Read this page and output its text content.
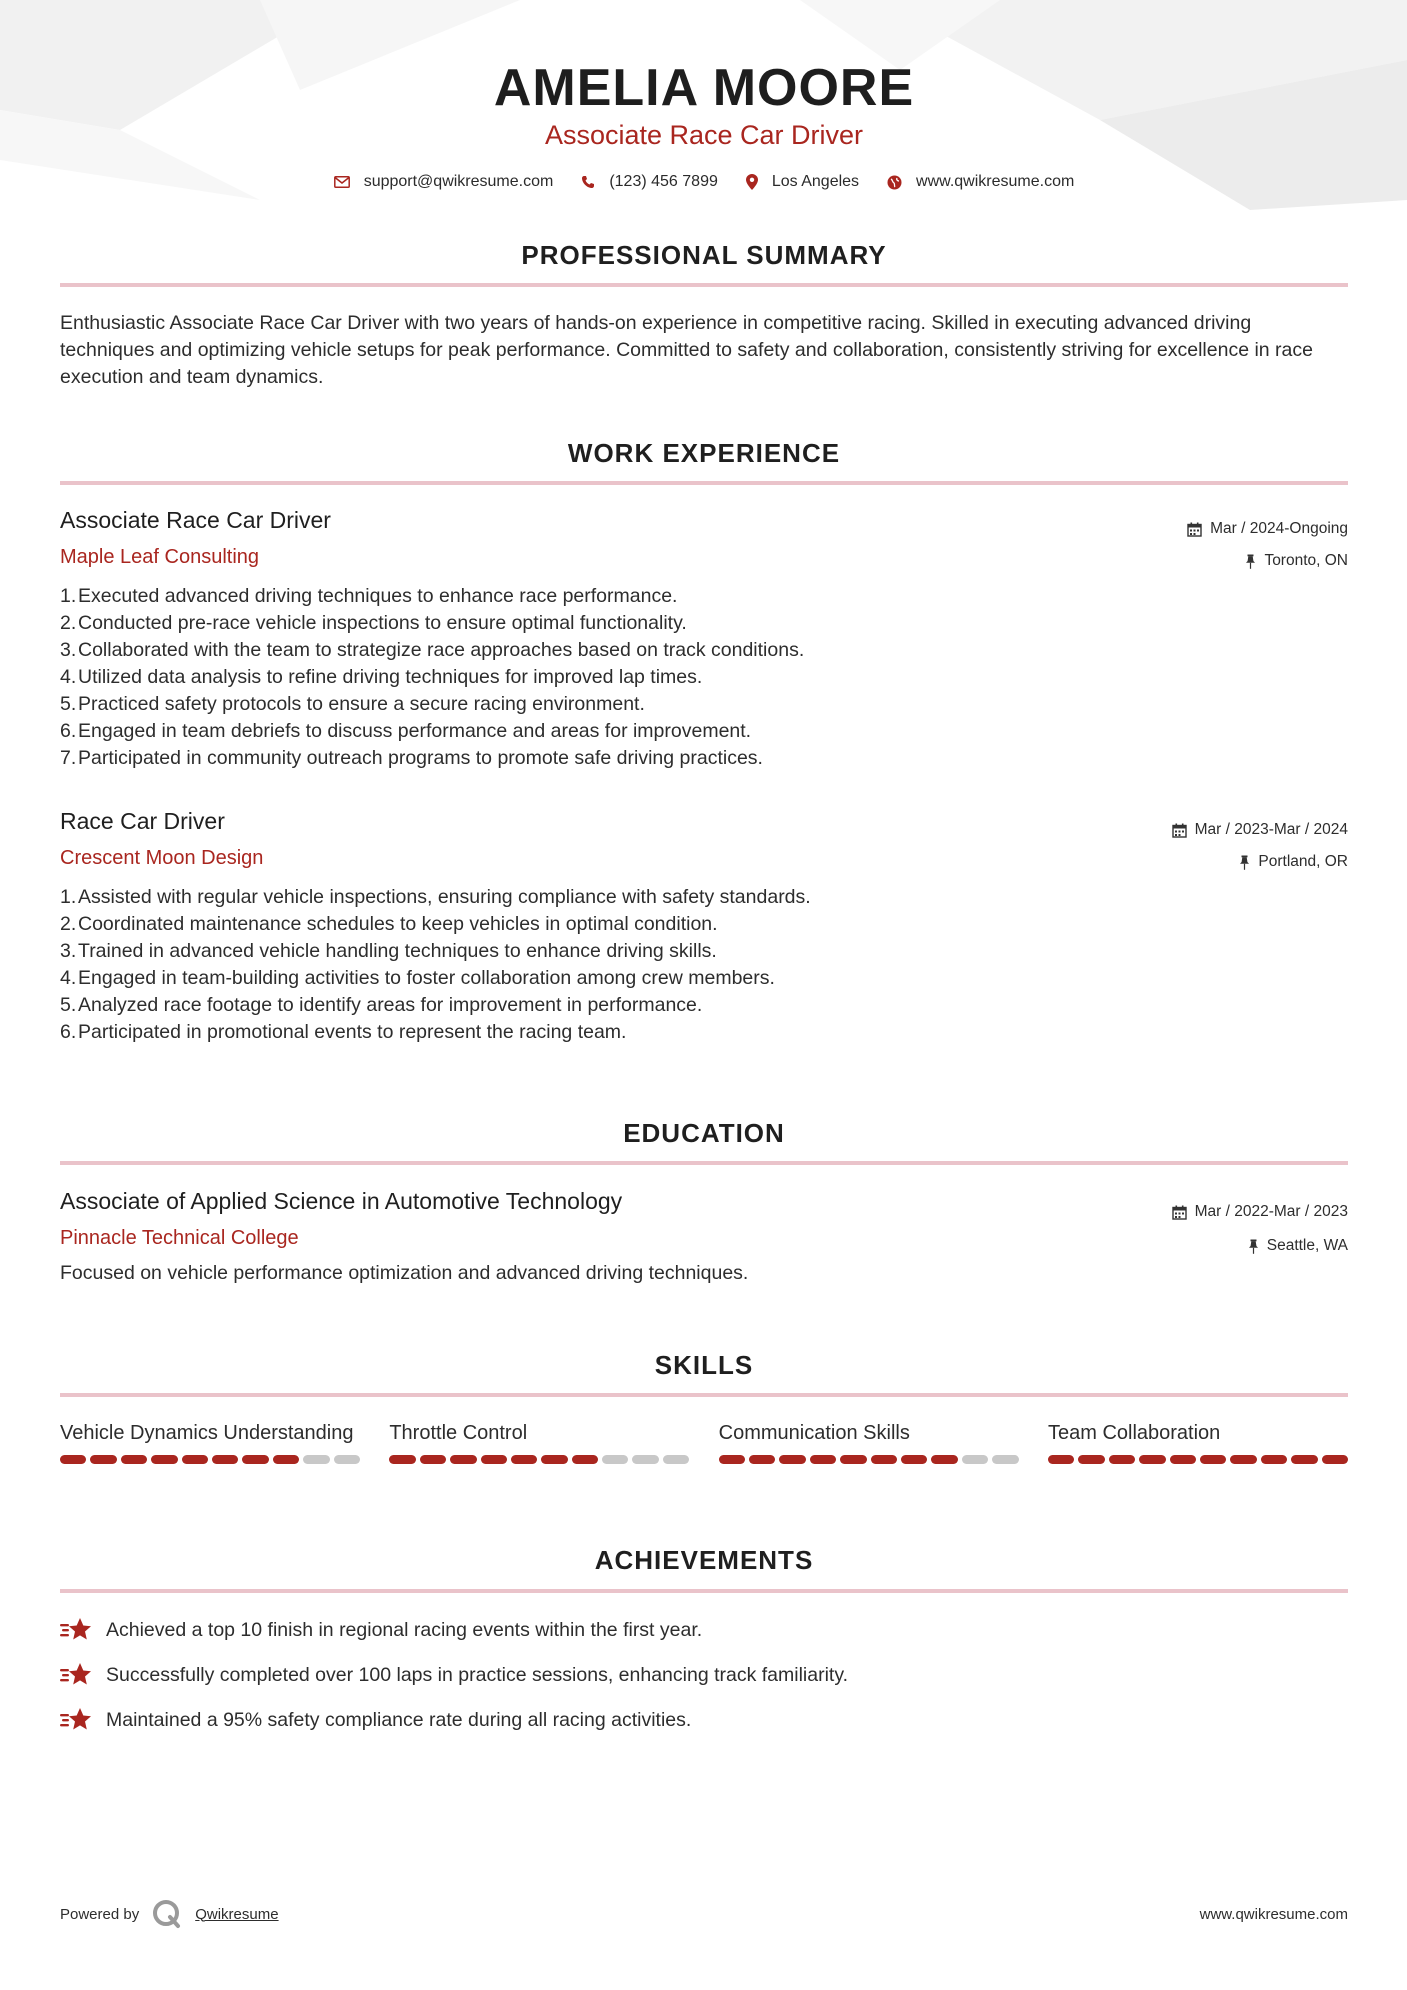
AMELIA MOORE
Associate Race Car Driver
support@qwikresume.com	(123) 456 7899	Los Angeles	www.qwikresume.com
PROFESSIONAL SUMMARY
Enthusiastic Associate Race Car Driver with two years of hands-on experience in competitive racing. Skilled in executing advanced driving techniques and optimizing vehicle setups for peak performance. Committed to safety and collaboration, consistently striving for excellence in race execution and team dynamics.
WORK EXPERIENCE
Associate Race Car Driver
Maple Leaf Consulting
Mar / 2024-Ongoing
Toronto, ON
1. Executed advanced driving techniques to enhance race performance.
2. Conducted pre-race vehicle inspections to ensure optimal functionality.
3. Collaborated with the team to strategize race approaches based on track conditions.
4. Utilized data analysis to refine driving techniques for improved lap times.
5. Practiced safety protocols to ensure a secure racing environment.
6. Engaged in team debriefs to discuss performance and areas for improvement.
7. Participated in community outreach programs to promote safe driving practices.
Race Car Driver
Crescent Moon Design
Mar / 2023-Mar / 2024
Portland, OR
1. Assisted with regular vehicle inspections, ensuring compliance with safety standards.
2. Coordinated maintenance schedules to keep vehicles in optimal condition.
3. Trained in advanced vehicle handling techniques to enhance driving skills.
4. Engaged in team-building activities to foster collaboration among crew members.
5. Analyzed race footage to identify areas for improvement in performance.
6. Participated in promotional events to represent the racing team.
EDUCATION
Associate of Applied Science in Automotive Technology
Pinnacle Technical College
Mar / 2022-Mar / 2023
Seattle, WA
Focused on vehicle performance optimization and advanced driving techniques.
SKILLS
Vehicle Dynamics Understanding	Throttle Control	Communication Skills	Team Collaboration
ACHIEVEMENTS
Achieved a top 10 finish in regional racing events within the first year.
Successfully completed over 100 laps in practice sessions, enhancing track familiarity.
Maintained a 95% safety compliance rate during all racing activities.
Powered by	Qwikresume	www.qwikresume.com
